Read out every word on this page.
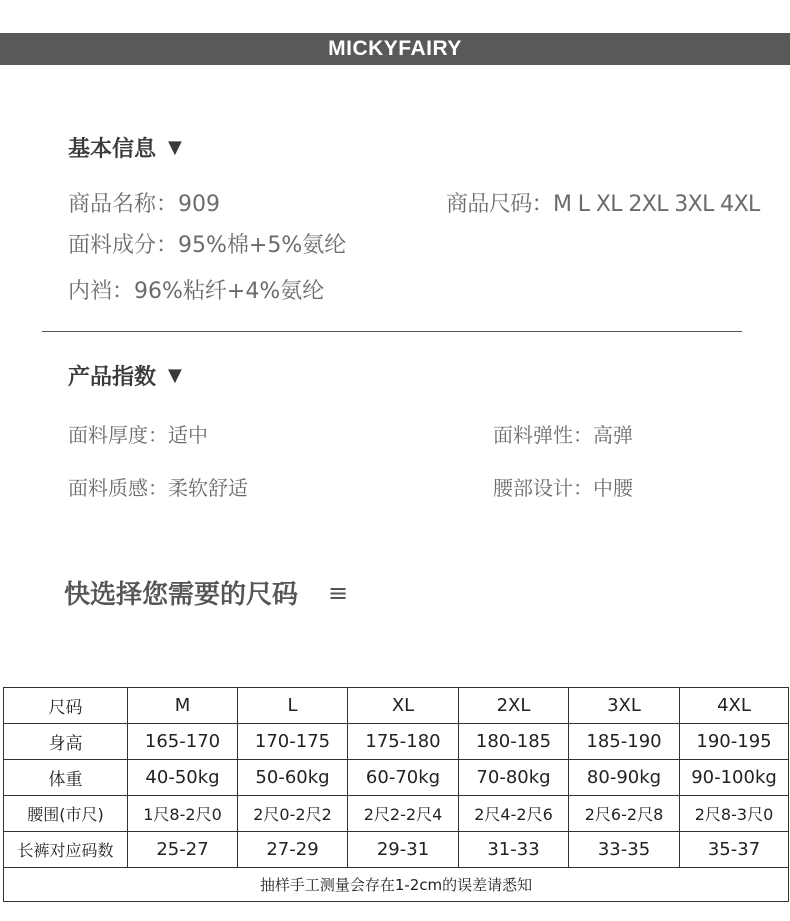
MICKYFAIRY
基本信息 ▼
商品名称：909	商品尺码：M L XL 2XL 3XL 4XL
面料成分：95%棉+5%氨纶
内裆：96%粘纤+4%氨纶
产品指数 ▼
面料厚度：适中	面料弹性：高弹
面料质感：柔软舒适	腰部设计：中腰
快选择您需要的尺码 ≡
尺码	M	L	XL	2XL	3XL	4XL
身高	165-170	170-175	175-180	180-185	185-190	190-195
体重	40-50kg	50-60kg	60-70kg	70-80kg	80-90kg	90-100kg
腰围(市尺)	1尺8-2尺0	2尺0-2尺2	2尺2-2尺4	2尺4-2尺6	2尺6-2尺8	2尺8-3尺0
长裤对应码数	25-27	27-29	29-31	31-33	33-35	35-37
抽样手工测量会存在1-2cm的误差请悉知						
